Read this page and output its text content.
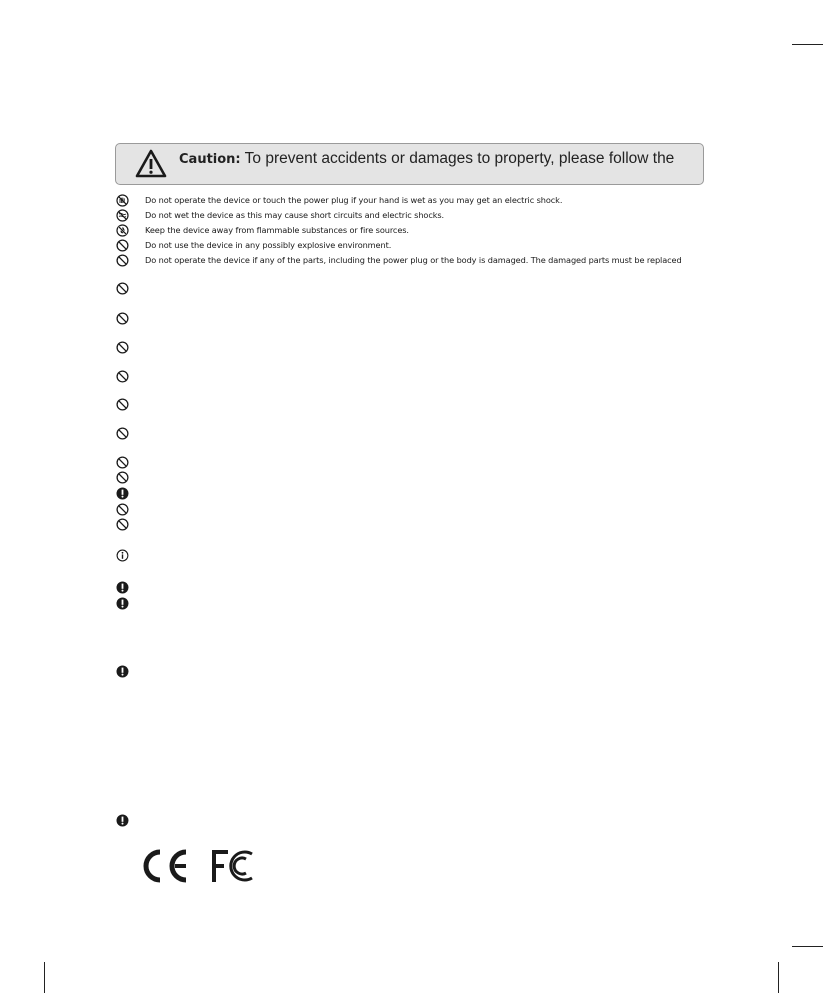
Caution: To prevent accidents or damages to property, please follow the
Do not operate the device or touch the power plug if your hand is wet as you may get an electric shock.
Do not wet the device as this may cause short circuits and electric shocks.
Keep the device away from flammable substances or fire sources.
Do not use the device in any possibly explosive environment.
Do not operate the device if any of the parts, including the power plug or the body is damaged. The damaged parts must be replaced
